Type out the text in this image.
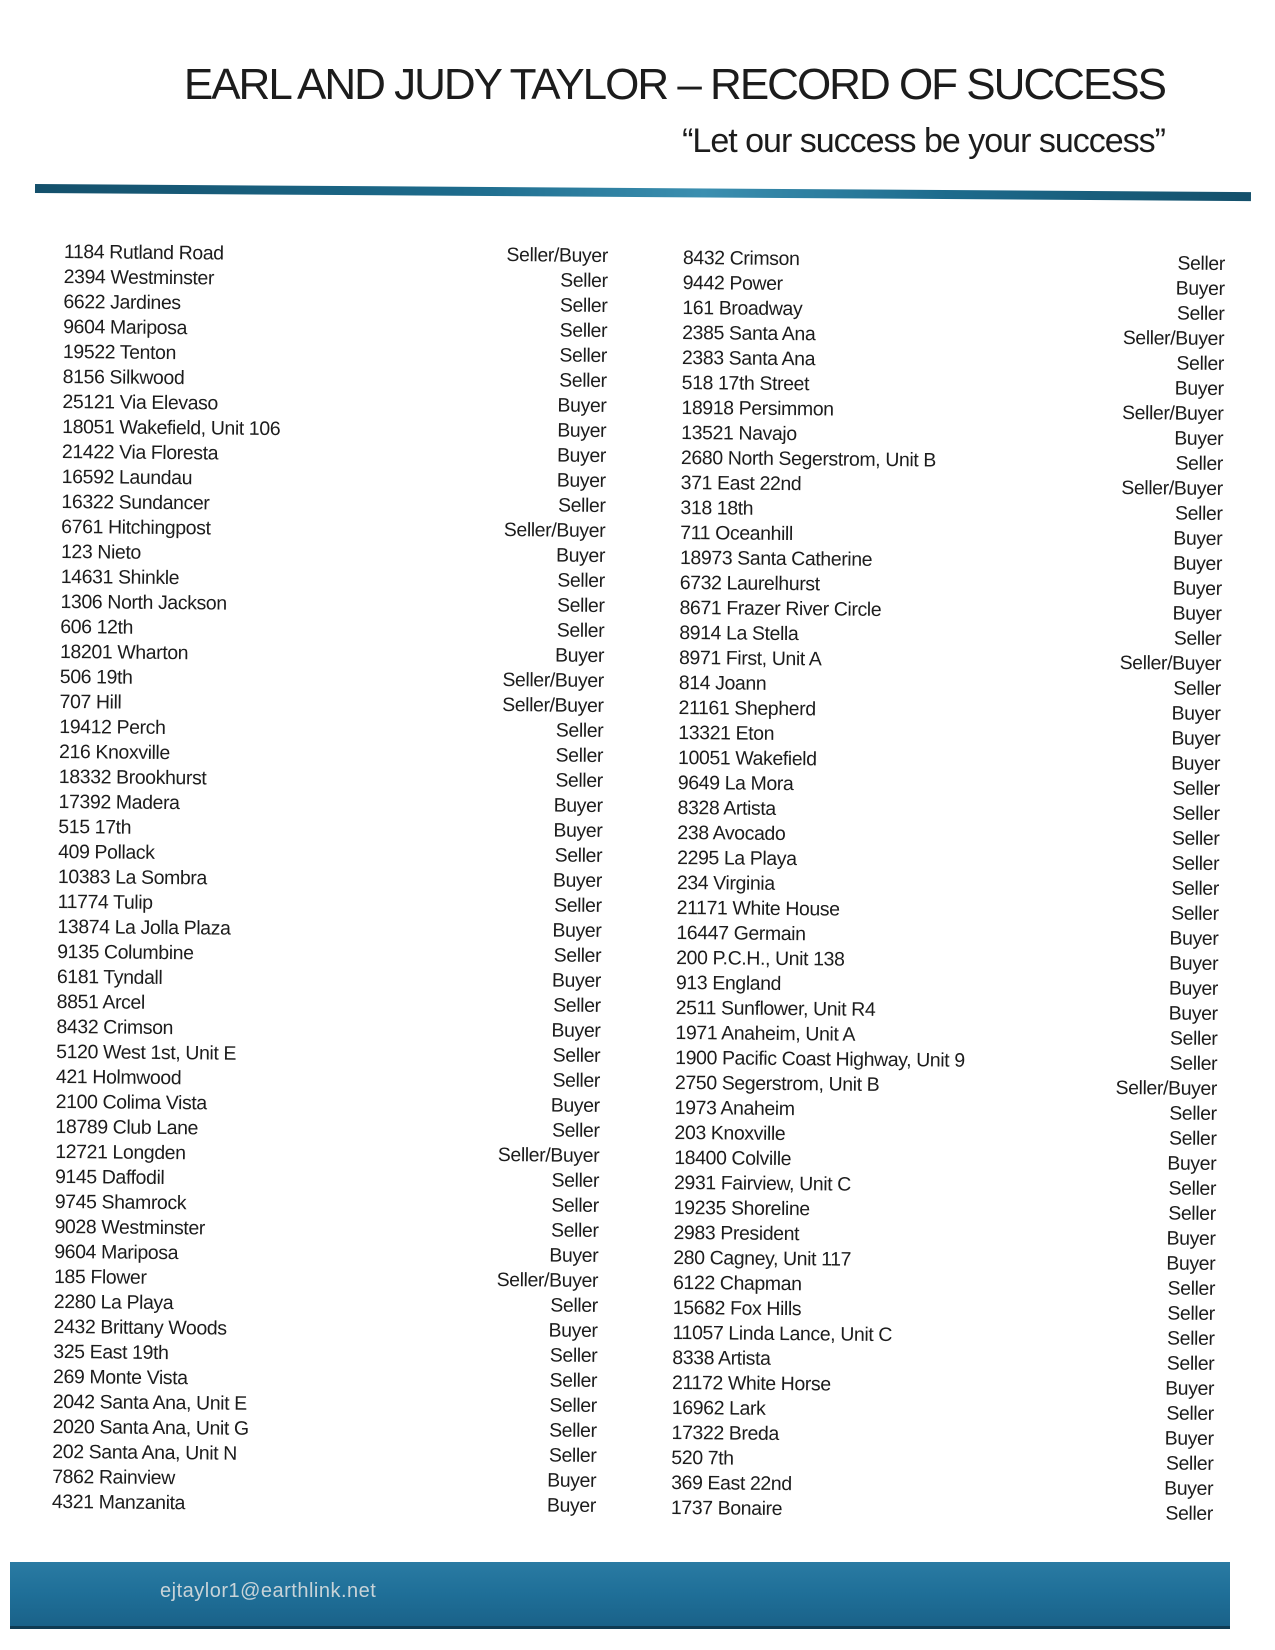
EARL AND JUDY TAYLOR – RECORD OF SUCCESS
“Let our success be your success”
1184 Rutland Road
2394 Westminster
6622 Jardines
9604 Mariposa
19522 Tenton
8156 Silkwood
25121 Via Elevaso
18051 Wakefield, Unit 106
21422 Via Floresta
16592 Laundau
16322 Sundancer
6761 Hitchingpost
123 Nieto
14631 Shinkle
1306 North Jackson
606 12th
18201 Wharton
506 19th
707 Hill
19412 Perch
216 Knoxville
18332 Brookhurst
17392 Madera
515 17th
409 Pollack
10383 La Sombra
11774 Tulip
13874 La Jolla Plaza
9135 Columbine
6181 Tyndall
8851 Arcel
8432 Crimson
5120 West 1st, Unit E
421 Holmwood
2100 Colima Vista
18789 Club Lane
12721 Longden
9145 Daffodil
9745 Shamrock
9028 Westminster
9604 Mariposa
185 Flower
2280 La Playa
2432 Brittany Woods
325 East 19th
269 Monte Vista
2042 Santa Ana, Unit E
2020 Santa Ana, Unit G
202 Santa Ana, Unit N
7862 Rainview
4321 Manzanita
Seller/Buyer
Seller
Seller
Seller
Seller
Seller
Buyer
Buyer
Buyer
Buyer
Seller
Seller/Buyer
Buyer
Seller
Seller
Seller
Buyer
Seller/Buyer
Seller/Buyer
Seller
Seller
Seller
Buyer
Buyer
Seller
Buyer
Seller
Buyer
Seller
Buyer
Seller
Buyer
Seller
Seller
Buyer
Seller
Seller/Buyer
Seller
Seller
Seller
Buyer
Seller/Buyer
Seller
Buyer
Seller
Seller
Seller
Seller
Seller
Buyer
Buyer
8432 Crimson
9442 Power
161 Broadway
2385 Santa Ana
2383 Santa Ana
518 17th Street
18918 Persimmon
13521 Navajo
2680 North Segerstrom, Unit B
371 East 22nd
318 18th
711 Oceanhill
18973 Santa Catherine
6732 Laurelhurst
8671 Frazer River Circle
8914 La Stella
8971 First, Unit A
814 Joann
21161 Shepherd
13321 Eton
10051 Wakefield
9649 La Mora
8328 Artista
238 Avocado
2295 La Playa
234 Virginia
21171 White House
16447 Germain
200 P.C.H., Unit 138
913 England
2511 Sunflower, Unit R4
1971 Anaheim, Unit A
1900 Pacific Coast Highway, Unit 9
2750 Segerstrom, Unit B
1973 Anaheim
203 Knoxville
18400 Colville
2931 Fairview, Unit C
19235 Shoreline
2983 President
280 Cagney, Unit 117
6122 Chapman
15682 Fox Hills
11057 Linda Lance, Unit C
8338 Artista
21172 White Horse
16962 Lark
17322 Breda
520 7th
369 East 22nd
1737 Bonaire
Seller
Buyer
Seller
Seller/Buyer
Seller
Buyer
Seller/Buyer
Buyer
Seller
Seller/Buyer
Seller
Buyer
Buyer
Buyer
Buyer
Seller
Seller/Buyer
Seller
Buyer
Buyer
Buyer
Seller
Seller
Seller
Seller
Seller
Seller
Buyer
Buyer
Buyer
Buyer
Seller
Seller
Seller/Buyer
Seller
Seller
Buyer
Seller
Seller
Buyer
Buyer
Seller
Seller
Seller
Seller
Buyer
Seller
Buyer
Seller
Buyer
Seller
ejtaylor1@earthlink.net
